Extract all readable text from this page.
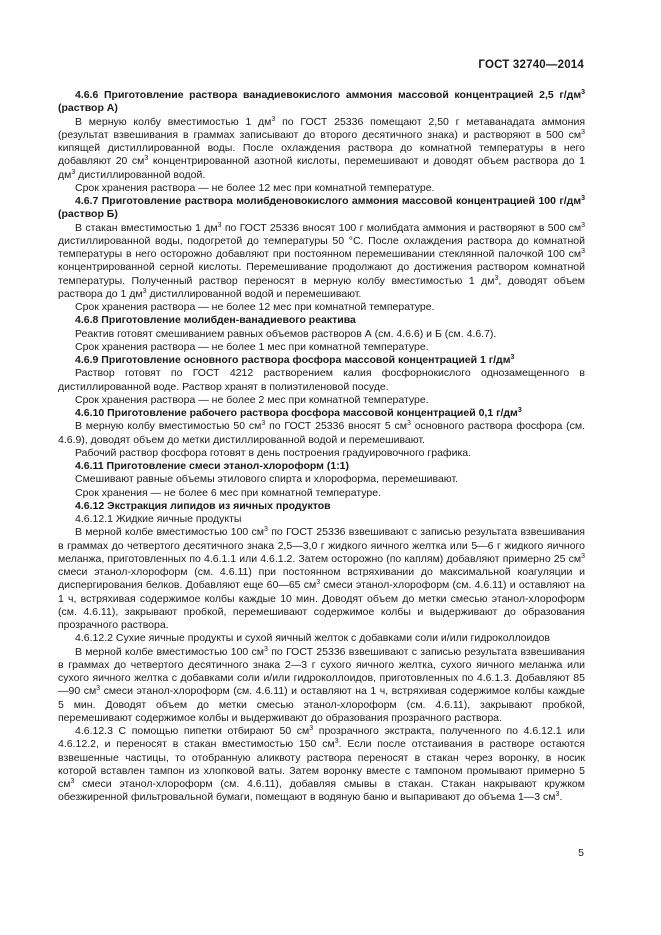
ГОСТ 32740—2014

4.6.6 Приготовление раствора ванадиевокислого аммония массовой концентрацией 2,5 $г/дм^3$ (раствор А)

В мерную колбу вместимостью 1 $дм^3$ по ГОСТ 25336 помещают 2,50 г метаванадата аммония (результат взвешивания в граммах записывают до второго десятичного знака) и растворяют в 500 $см^3$ кипящей дистиллированной воды. После охлаждения раствора до комнатной температуры в него добавляют 20 $см^3$ концентрированной азотной кислоты, перемешивают и доводят объем раствора до 1 $дм^3$ дистиллированной водой.

Срок хранения раствора — не более 12 мес при комнатной температуре.

4.6.7 Приготовление раствора молибденовокислого аммония массовой концентрацией 100 $г/дм^3$ (раствор Б)

В стакан вместимостью 1 $дм^3$ по ГОСТ 25336 вносят 100 г молибдата аммония и растворяют в 500 $см^3$ дистиллированной воды, подогретой до температуры 50 °С. После охлаждения раствора до комнатной температуры в него осторожно добавляют при постоянном перемешивании стеклянной палочкой 100 $см^3$ концентрированной серной кислоты. Перемешивание продолжают до достижения раствором комнатной температуры. Полученный раствор переносят в мерную колбу вместимостью 1 $дм^3$, доводят объем раствора до 1 $дм^3$ дистиллированной водой и перемешивают.

Срок хранения раствора — не более 12 мес при комнатной температуре.

4.6.8 Приготовление молибден-ванадиевого реактива

Реактив готовят смешиванием равных объемов растворов А (см. 4.6.6) и Б (см. 4.6.7).

Срок хранения раствора — не более 1 мес при комнатной температуре.

4.6.9 Приготовление основного раствора фосфора массовой концентрацией 1 $г/дм^3$

Раствор готовят по ГОСТ 4212 растворением калия фосфорнокислого однозамещенного в дистиллированной воде. Раствор хранят в полиэтиленовой посуде.

Срок хранения раствора — не более 2 мес при комнатной температуре.

4.6.10 Приготовление рабочего раствора фосфора массовой концентрацией 0,1 $г/дм^3$

В мерную колбу вместимостью 50 $см^3$ по ГОСТ 25336 вносят 5 $см^3$ основного раствора фосфора (см. 4.6.9), доводят объем до метки дистиллированной водой и перемешивают.

Рабочий раствор фосфора готовят в день построения градуировочного графика.

4.6.11 Приготовление смеси этанол-хлороформ (1:1)

Смешивают равные объемы этилового спирта и хлороформа, перемешивают.

Срок хранения — не более 6 мес при комнатной температуре.

4.6.12 Экстракция липидов из яичных продуктов

4.6.12.1 Жидкие яичные продукты

В мерной колбе вместимостью 100 $см^3$ по ГОСТ 25336 взвешивают с записью результата взвешивания в граммах до четвертого десятичного знака 2,5—3,0 г жидкого яичного желтка или 5—6 г жидкого яичного меланжа, приготовленных по 4.6.1.1 или 4.6.1.2. Затем осторожно (по каплям) добавляют примерно 25 $см^3$ смеси этанол-хлороформ (см. 4.6.11) при постоянном встряхивании до максимальной коагуляции и диспергирования белков. Добавляют еще 60—65 $см^3$ смеси этанол-хлороформ (см. 4.6.11) и оставляют на 1 ч, встряхивая содержимое колбы каждые 10 мин. Доводят объем до метки смесью этанол-хлороформ (см. 4.6.11), закрывают пробкой, перемешивают содержимое колбы и выдерживают до образования прозрачного раствора.

4.6.12.2 Сухие яичные продукты и сухой яичный желток с добавками соли и/или гидроколлоидов

В мерной колбе вместимостью 100 $см^3$ по ГОСТ 25336 взвешивают с записью результата взвешивания в граммах до четвертого десятичного знака 2—3 г сухого яичного желтка, сухого яичного меланжа или сухого яичного желтка с добавками соли и/или гидроколлоидов, приготовленных по 4.6.1.3. Добавляют 85—90 $см^3$ смеси этанол-хлороформ (см. 4.6.11) и оставляют на 1 ч, встряхивая содержимое колбы каждые 5 мин. Доводят объем до метки смесью этанол-хлороформ (см. 4.6.11), закрывают пробкой, перемешивают содержимое колбы и выдерживают до образования прозрачного раствора.

4.6.12.3 С помощью пипетки отбирают 50 $см^3$ прозрачного экстракта, полученного по 4.6.12.1 или 4.6.12.2, и переносят в стакан вместимостью 150 $см^3$. Если после отстаивания в растворе остаются взвешенные частицы, то отобранную аликвоту раствора переносят в стакан через воронку, в носик которой вставлен тампон из хлопковой ваты. Затем воронку вместе с тампоном промывают примерно 5 $см^3$ смеси этанол-хлороформ (см. 4.6.11), добавляя смывы в стакан. Стакан накрывают кружком обезжиренной фильтровальной бумаги, помещают в водяную баню и выпаривают до объема 1—3 $см^3$.

5
